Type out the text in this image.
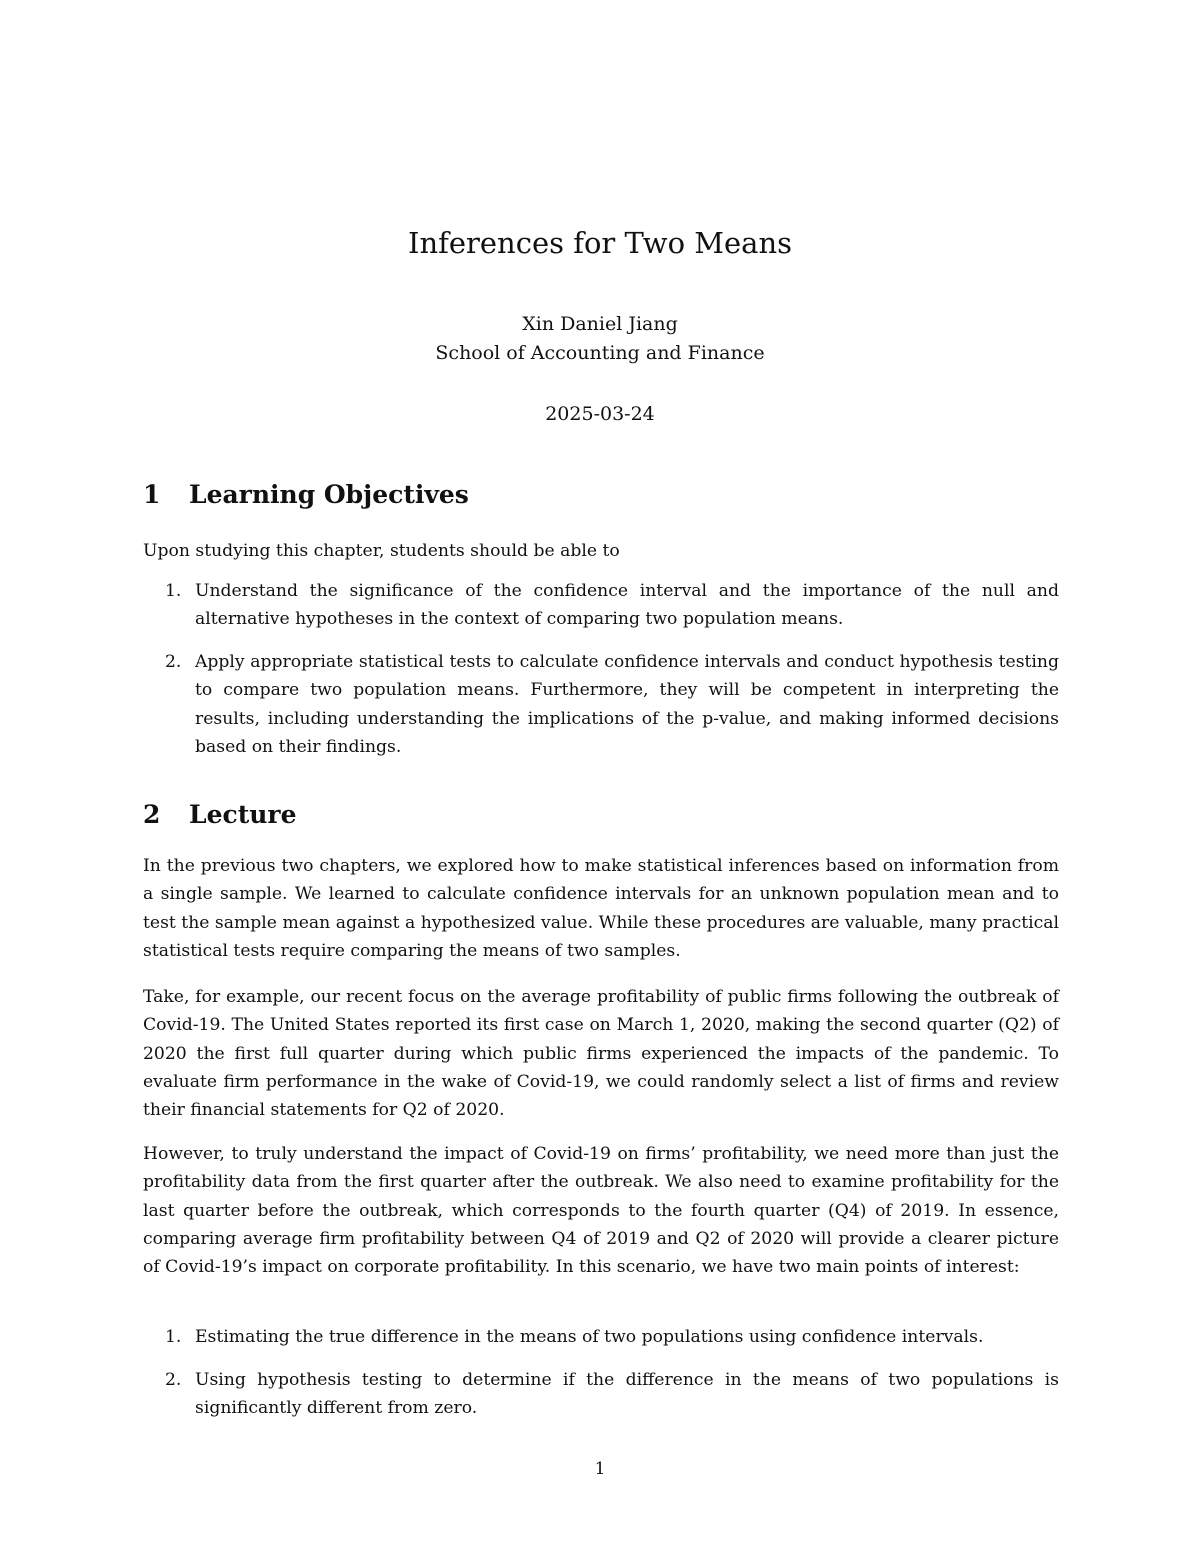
Inferences for Two Means
Xin Daniel Jiang
School of Accounting and Finance
2025-03-24
1 Learning Objectives

Upon studying this chapter, students should be able to

1. Understand the significance of the confidence interval and the importance of the null and alternative hypotheses in the context of comparing two population means.
2. Apply appropriate statistical tests to calculate confidence intervals and conduct hypothesis testing to compare two population means. Furthermore, they will be competent in interpreting the results, including understanding the implications of the p-value, and making informed decisions based on their findings.
2 Lecture

In the previous two chapters, we explored how to make statistical inferences based on information from a single sample. We learned to calculate confidence intervals for an unknown population mean and to test the sample mean against a hypothesized value. While these procedures are valuable, many practical statistical tests require comparing the means of two samples.

Take, for example, our recent focus on the average profitability of public firms following the outbreak of Covid-19. The United States reported its first case on March 1, 2020, making the second quarter (Q2) of 2020 the first full quarter during which public firms experienced the impacts of the pandemic. To evaluate firm performance in the wake of Covid-19, we could randomly select a list of firms and review their financial statements for Q2 of 2020.

However, to truly understand the impact of Covid-19 on firms’ profitability, we need more than just the profitability data from the first quarter after the outbreak. We also need to examine profitability for the last quarter before the outbreak, which corresponds to the fourth quarter (Q4) of 2019. In essence, comparing average firm profitability between Q4 of 2019 and Q2 of 2020 will provide a clearer picture of Covid-19’s impact on corporate profitability. In this scenario, we have two main points of interest:

1. Estimating the true difference in the means of two populations using confidence intervals.
2. Using hypothesis testing to determine if the difference in the means of two populations is significantly different from zero.
1
